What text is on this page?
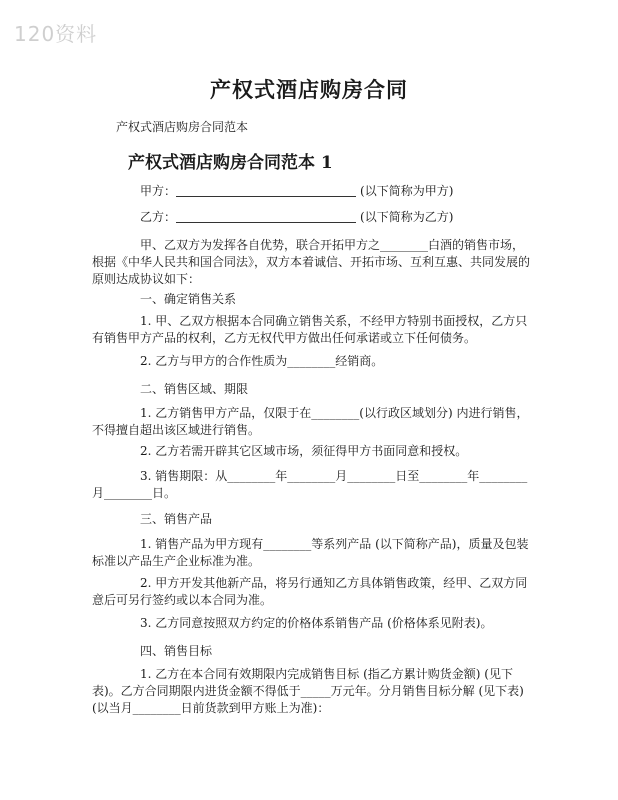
120资料
产权式酒店购房合同
产权式酒店购房合同范本
产权式酒店购房合同范本 1
甲方：	(以下简称为甲方)
乙方：	(以下简称为乙方)
甲、乙双方为发挥各自优势，联合开拓甲方之________白酒的销售市场，根据《中华人民共和国合同法》，双方本着诚信、开拓市场、互利互惠、共同发展的原则达成协议如下：
一、确定销售关系
1. 甲、乙双方根据本合同确立销售关系，不经甲方特别书面授权，乙方只有销售甲方产品的权利，乙方无权代甲方做出任何承诺或立下任何债务。
2. 乙方与甲方的合作性质为________经销商。
二、销售区域、期限
1. 乙方销售甲方产品，仅限于在________(以行政区域划分) 内进行销售，不得擅自超出该区域进行销售。
2. 乙方若需开辟其它区域市场，须征得甲方书面同意和授权。
3. 销售期限：从________年________月________日至________年________月________日。
三、销售产品
1. 销售产品为甲方现有________等系列产品 (以下简称产品)，质量及包装标准以产品生产企业标准为准。
2. 甲方开发其他新产品，将另行通知乙方具体销售政策，经甲、乙双方同意后可另行签约或以本合同为准。
3. 乙方同意按照双方约定的价格体系销售产品 (价格体系见附表)。
四、销售目标
1. 乙方在本合同有效期限内完成销售目标 (指乙方累计购货金额) (见下表)。乙方合同期限内进货金额不得低于_____万元年。分月销售目标分解 (见下表) (以当月________日前货款到甲方账上为准)：
